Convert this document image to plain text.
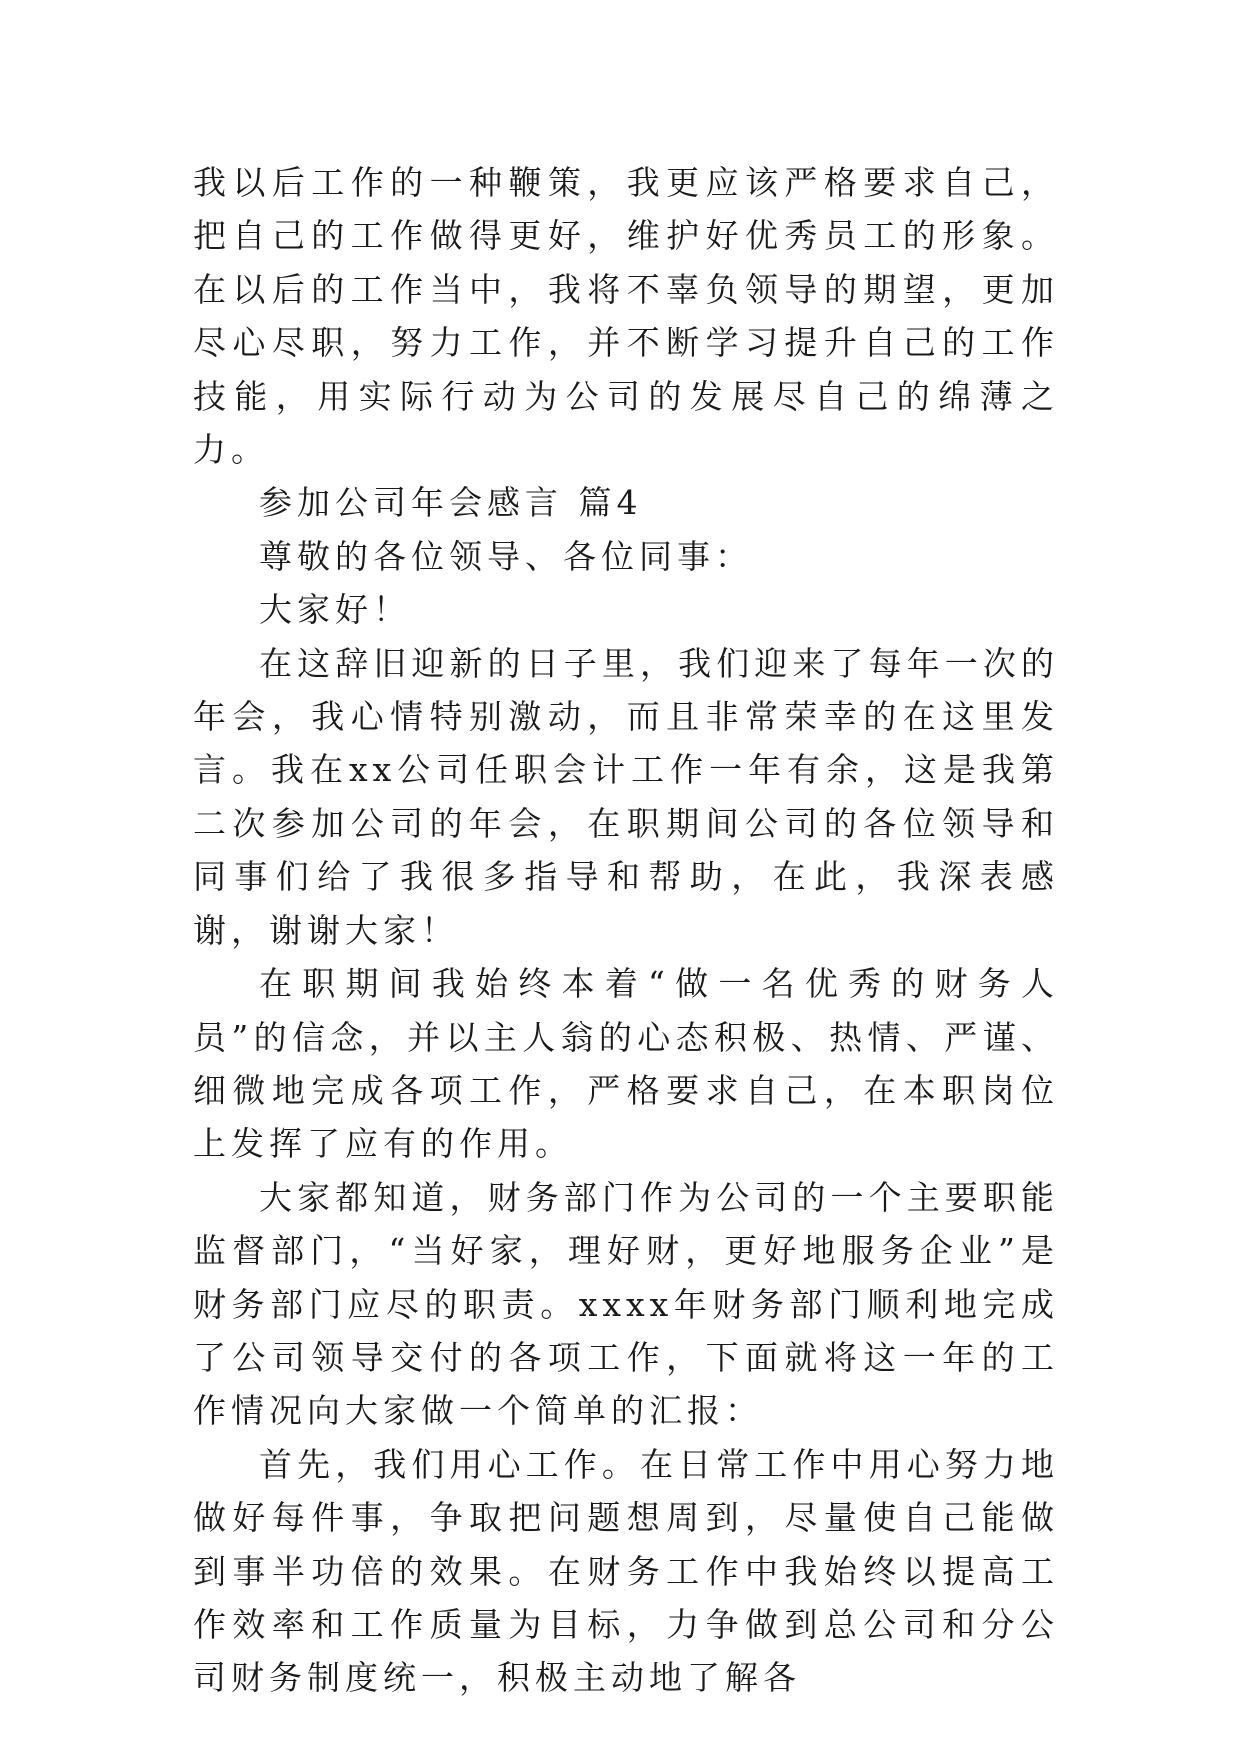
我以后工作的一种鞭策，我更应该严格要求自己，把自己的工作做得更好，维护好优秀员工的形象。在以后的工作当中，我将不辜负领导的期望，更加尽心尽职，努力工作，并不断学习提升自己的工作技能，用实际行动为公司的发展尽自己的绵薄之力。

参加公司年会感言 篇4

尊敬的各位领导、各位同事：

大家好！

在这辞旧迎新的日子里，我们迎来了每年一次的年会，我心情特别激动，而且非常荣幸的在这里发言。我在xx公司任职会计工作一年有余，这是我第二次参加公司的年会，在职期间公司的各位领导和同事们给了我很多指导和帮助，在此，我深表感谢，谢谢大家！

在职期间我始终本着“做一名优秀的财务人员”的信念，并以主人翁的心态积极、热情、严谨、细微地完成各项工作，严格要求自己，在本职岗位上发挥了应有的作用。

大家都知道，财务部门作为公司的一个主要职能监督部门，“当好家，理好财，更好地服务企业”是财务部门应尽的职责。xxxx年财务部门顺利地完成了公司领导交付的各项工作，下面就将这一年的工作情况向大家做一个简单的汇报：

首先，我们用心工作。在日常工作中用心努力地做好每件事，争取把问题想周到，尽量使自己能做到事半功倍的效果。在财务工作中我始终以提高工作效率和工作质量为目标，力争做到总公司和分公司财务制度统一，积极主动地了解各
